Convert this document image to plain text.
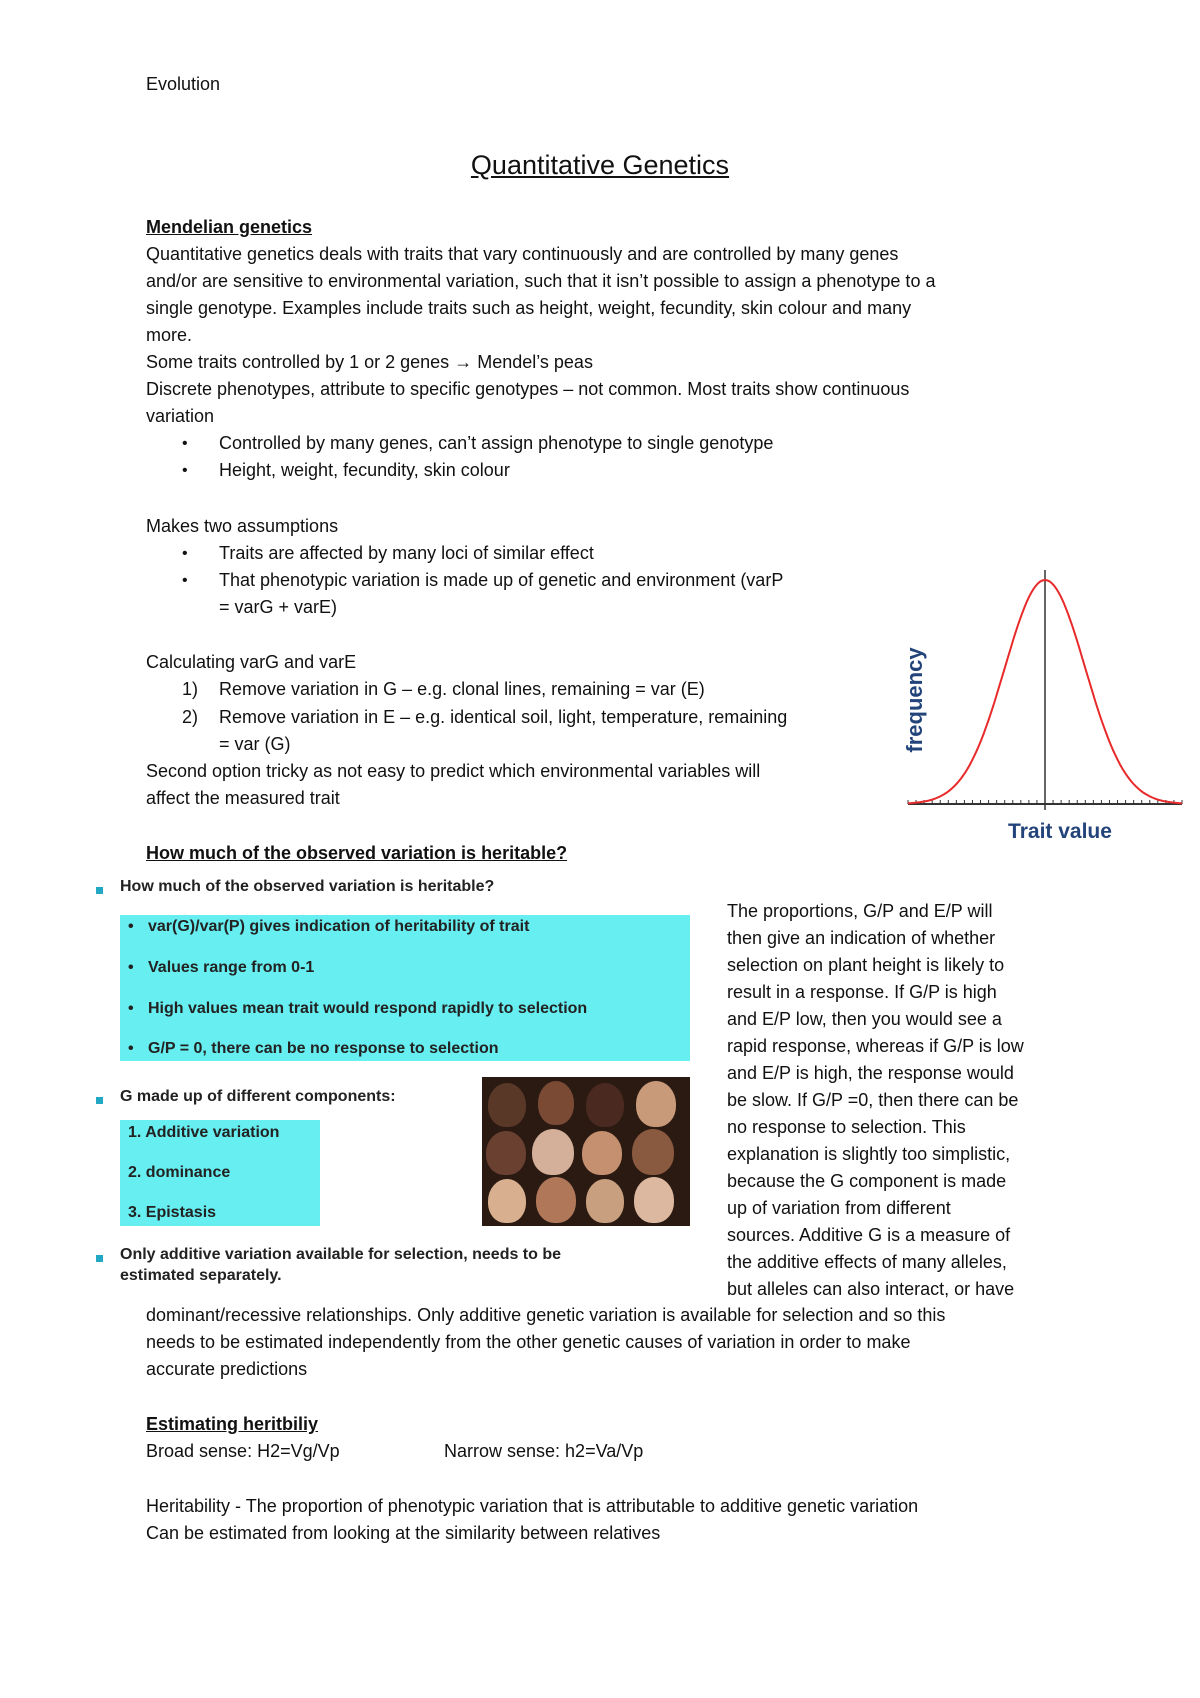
Evolution
Quantitative Genetics
Mendelian genetics
Quantitative genetics deals with traits that vary continuously and are controlled by many genes
and/or are sensitive to environmental variation, such that it isn’t possible to assign a phenotype to a
single genotype. Examples include traits such as height, weight, fecundity, skin colour and many
more.
Some traits controlled by 1 or 2 genes → Mendel’s peas
Discrete phenotypes, attribute to specific genotypes – not common. Most traits show continuous
variation
• Controlled by many genes, can’t assign phenotype to single genotype
• Height, weight, fecundity, skin colour
Makes two assumptions
• Traits are affected by many loci of similar effect
• That phenotypic variation is made up of genetic and environment (varP
= varG + varE)
Calculating varG and varE
1) Remove variation in G – e.g. clonal lines, remaining = var (E)
2) Remove variation in E – e.g. identical soil, light, temperature, remaining
= var (G)
Second option tricky as not easy to predict which environmental variables will
affect the measured trait
frequency
Trait value
How much of the observed variation is heritable?
How much of the observed variation is heritable?
• var(G)/var(P) gives indication of heritability of trait
• Values range from 0-1
• High values mean trait would respond rapidly to selection
• G/P = 0, there can be no response to selection
G made up of different components:
1. Additive variation
2. dominance
3. Epistasis
Only additive variation available for selection, needs to be
estimated separately.
The proportions, G/P and E/P will
then give an indication of whether
selection on plant height is likely to
result in a response. If G/P is high
and E/P low, then you would see a
rapid response, whereas if G/P is low
and E/P is high, the response would
be slow. If G/P =0, then there can be
no response to selection. This
explanation is slightly too simplistic,
because the G component is made
up of variation from different
sources. Additive G is a measure of
the additive effects of many alleles,
but alleles can also interact, or have
dominant/recessive relationships. Only additive genetic variation is available for selection and so this
needs to be estimated independently from the other genetic causes of variation in order to make
accurate predictions
Estimating heritbiliy
Broad sense: H2=Vg/Vp	Narrow sense: h2=Va/Vp
Heritability - The proportion of phenotypic variation that is attributable to additive genetic variation
Can be estimated from looking at the similarity between relatives
